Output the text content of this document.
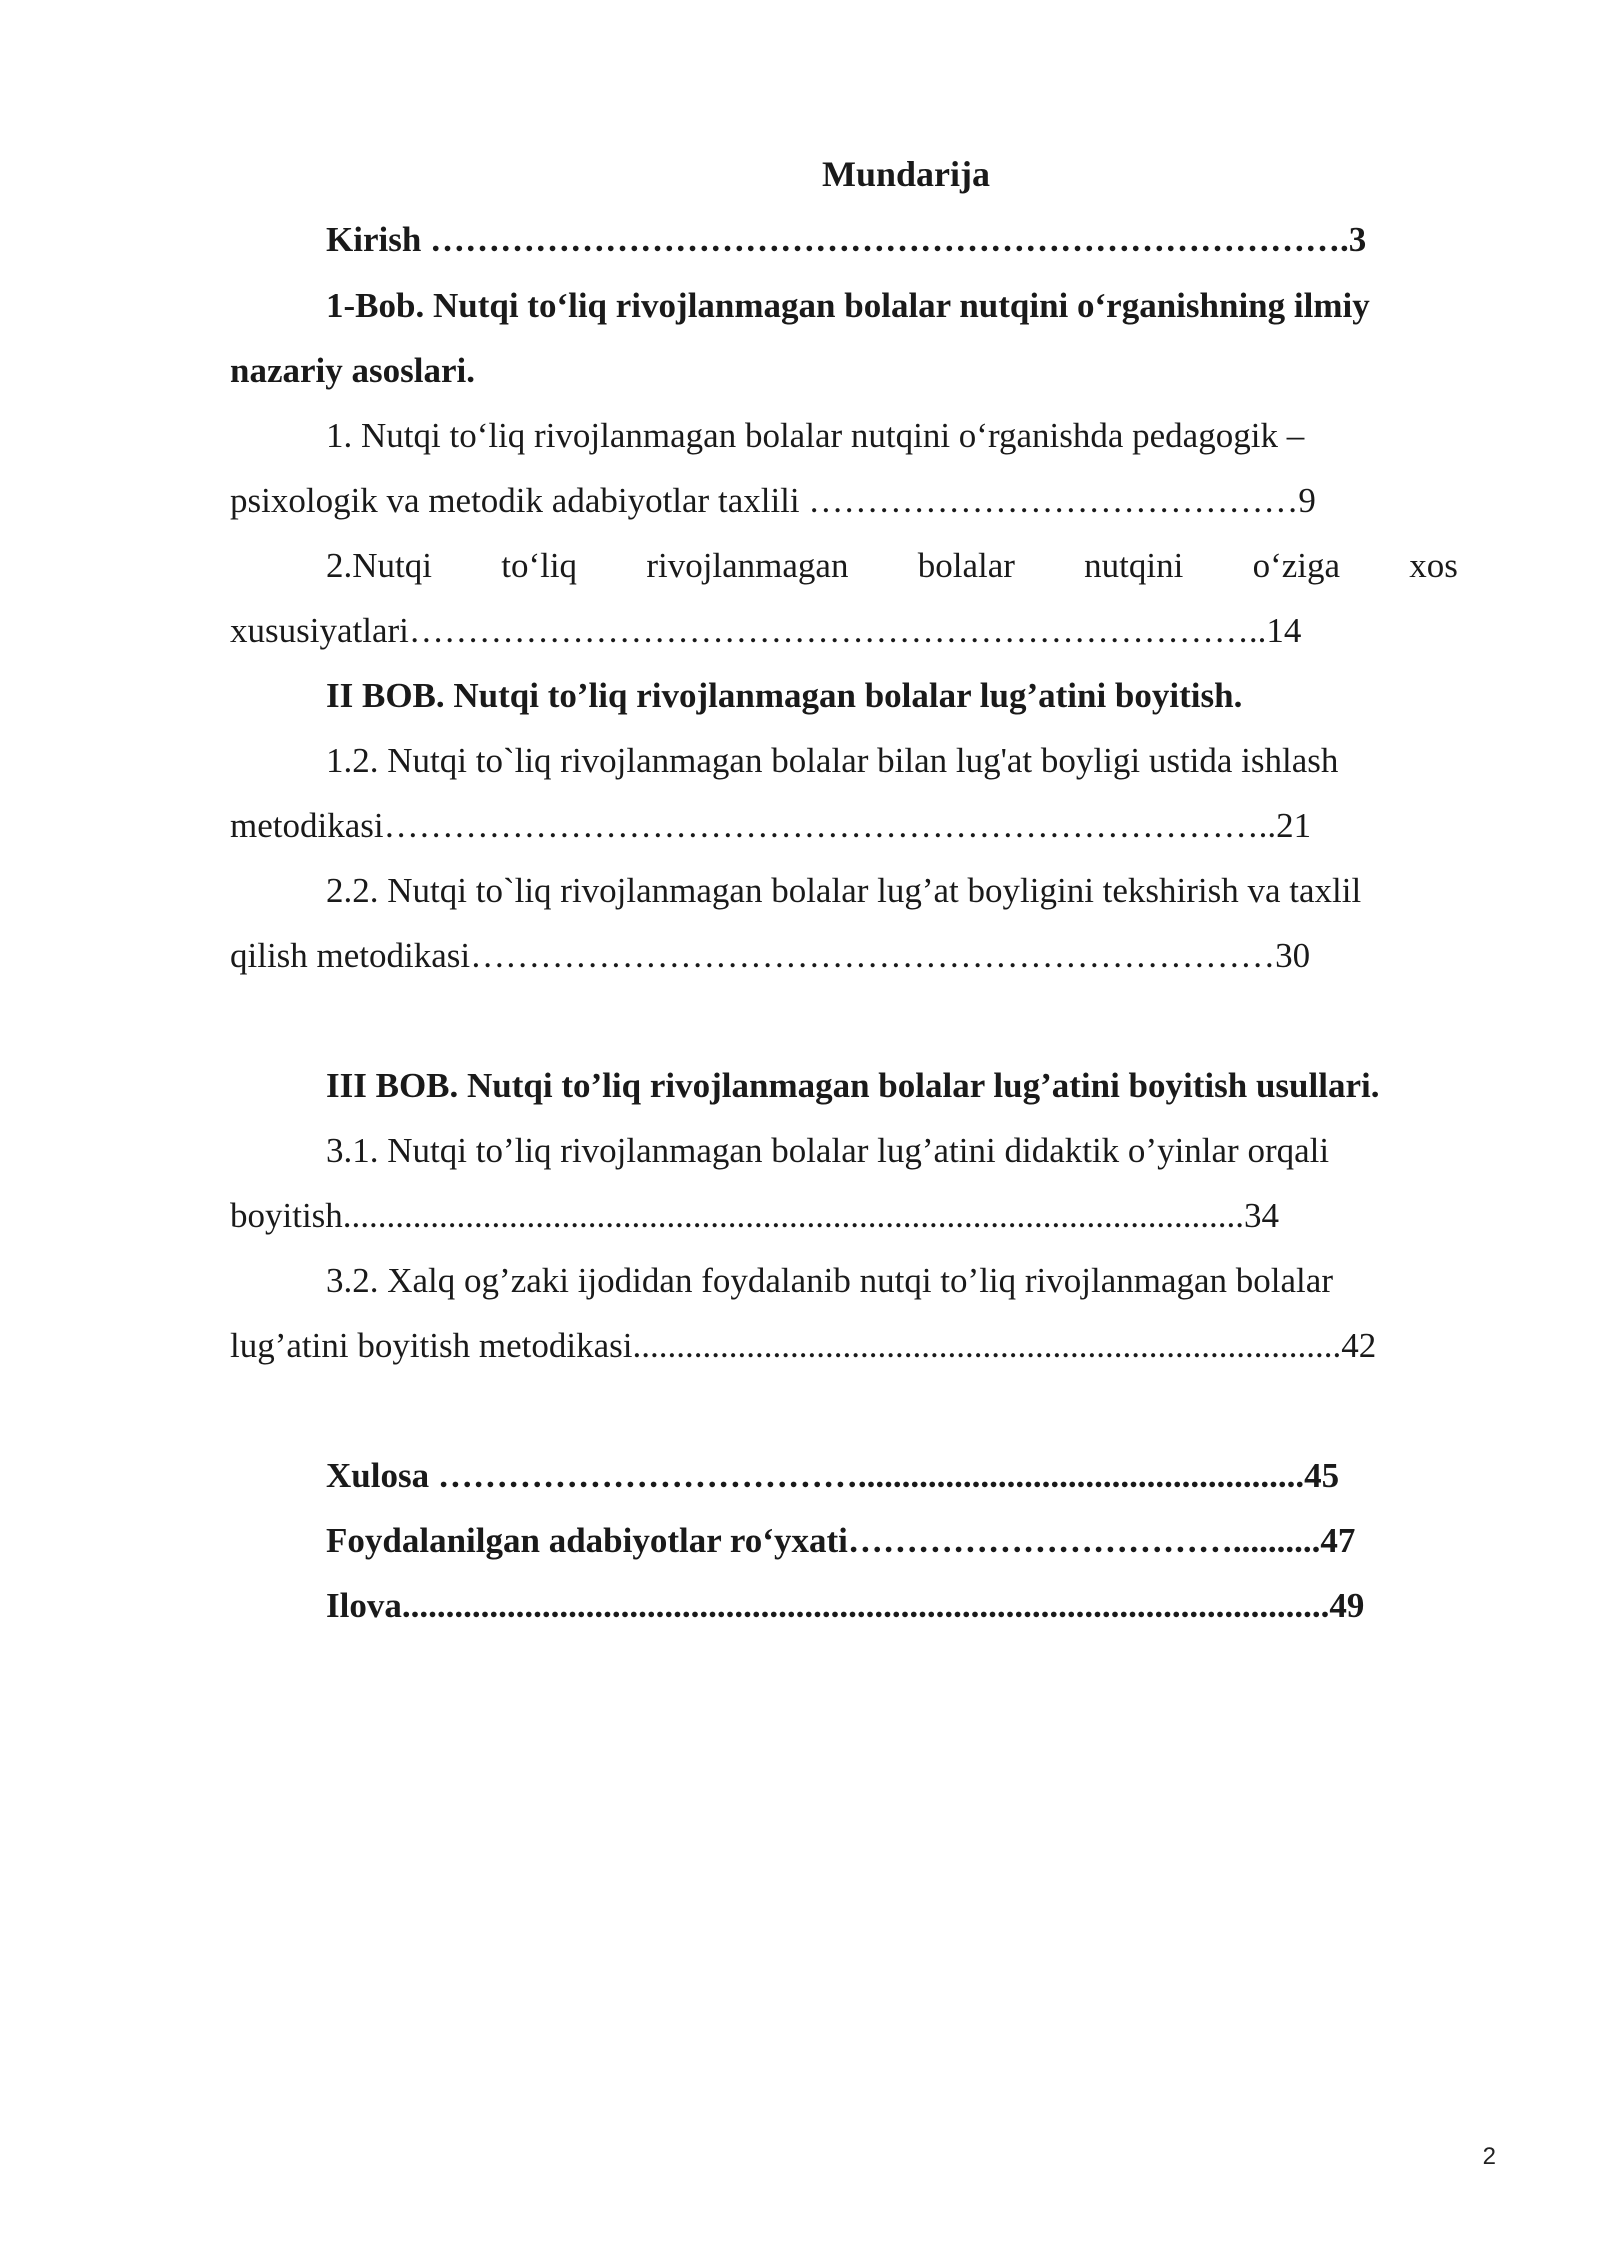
Mundarija
Kirish …………………………………………………………………….3
1-Bob. Nutqi to‘liq rivojlanmagan bolalar nutqini o‘rganishning ilmiy
nazariy asoslari.
1. Nutqi to‘liq rivojlanmagan bolalar nutqini o‘rganishda pedagogik –
psixologik va metodik adabiyotlar taxlili ……………………………………9
2.Nutqi to‘liq rivojlanmagan bolalar nutqini o‘ziga xos
xususiyatlari………………………………………………………………..14
II BOB. Nutqi to’liq rivojlanmagan bolalar lug’atini boyitish.
1.2. Nutqi to`liq rivojlanmagan bolalar bilan lug'at boyligi ustida ishlash
metodikasi…………………………………………………………………..21
2.2. Nutqi to`liq rivojlanmagan bolalar lug’at boyligini tekshirish va taxlil
qilish metodikasi……………………………………………………………30
III BOB. Nutqi to’liq rivojlanmagan bolalar lug’atini boyitish usullari.
3.1. Nutqi to’liq rivojlanmagan bolalar lug’atini didaktik o’yinlar orqali
boyitish.......................................................................................................34
3.2. Xalq og’zaki ijodidan foydalanib nutqi to’liq rivojlanmagan bolalar
lug’atini boyitish metodikasi.................................................................................42
Xulosa ………………………………...................................................45
Foydalanilgan adabiyotlar ro‘yxati……………………………..........47
Ilova..........................................................................................................49
2
